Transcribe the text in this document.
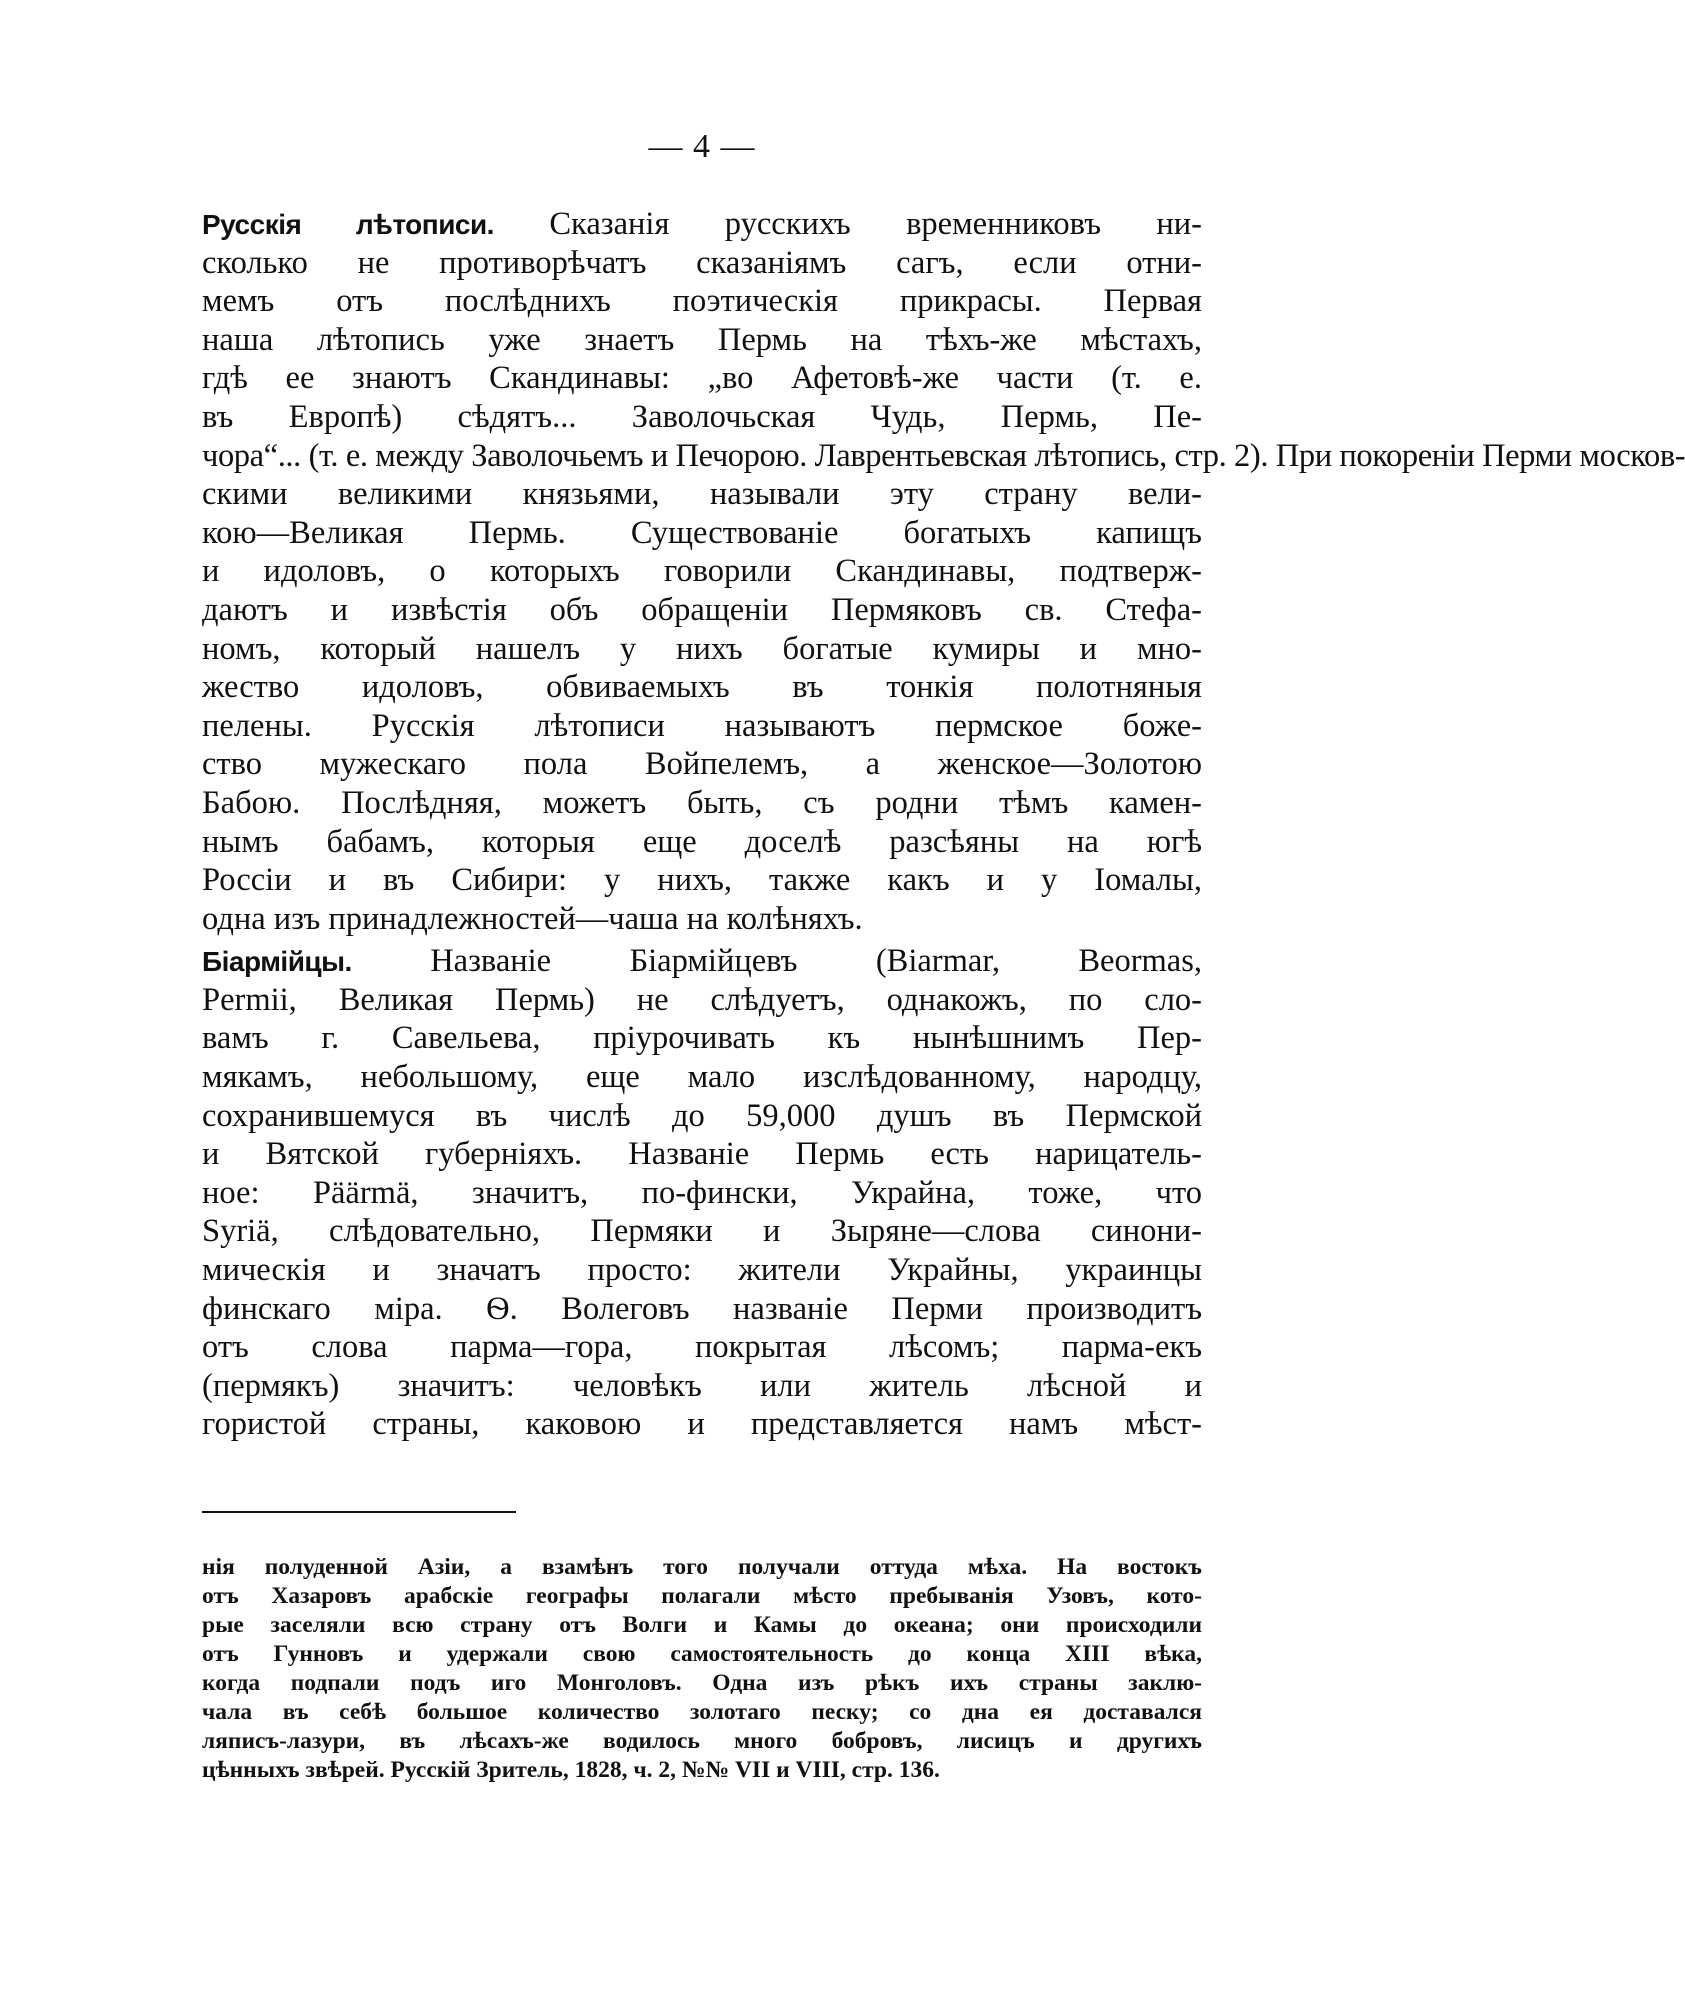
— 4 —
Русскія лѣтописи. Сказанія русскихъ временниковъ ни-
сколько не противорѣчатъ сказаніямъ сагъ, если отни-
мемъ отъ послѣднихъ поэтическія прикрасы. Первая
наша лѣтопись уже знаетъ Пермь на тѣхъ-же мѣстахъ,
гдѣ ее знаютъ Скандинавы: „во Афетовѣ-же части (т. е.
въ Европѣ) сѣдятъ... Заволочьская Чудь, Пермь, Пе-
чора“... (т. е. между Заволочьемъ и Печорою. Лаврентьевская лѣтопись, стр. 2). При покореніи Перми москов-
скими великими князьями, называли эту страну вели-
кою—Великая Пермь. Существованіе богатыхъ капищъ
и идоловъ, о которыхъ говорили Скандинавы, подтверж-
даютъ и извѣстія объ обращеніи Пермяковъ св. Стефа-
номъ, который нашелъ у нихъ богатые кумиры и мно-
жество идоловъ, обвиваемыхъ въ тонкія полотняныя
пелены. Русскія лѣтописи называютъ пермское боже-
ство мужескаго пола Войпелемъ, а женское—Золотою
Бабою. Послѣдняя, можетъ быть, съ родни тѣмъ камен-
нымъ бабамъ, которыя еще доселѣ разсѣяны на югѣ
Россіи и въ Сибири: у нихъ, также какъ и у Іомалы,
одна изъ принадлежностей—чаша на колѣняхъ.
Біармійцы. Названіе Біармійцевъ (Biarmar, Beormas,
Permii, Великая Пермь) не слѣдуетъ, однакожъ, по сло-
вамъ г. Савельева, пріурочивать къ нынѣшнимъ Пер-
мякамъ, небольшому, еще мало изслѣдованному, народцу,
сохранившемуся въ числѣ до 59,000 душъ въ Пермской
и Вятской губерніяхъ. Названіе Пермь есть нарицатель-
ное: Päärmä, значитъ, по-фински, Украйна, тоже, что
Syriä, слѣдовательно, Пермяки и Зыряне—слова синони-
мическія и значатъ просто: жители Украйны, украинцы
финскаго міра. Ѳ. Волеговъ названіе Перми производитъ
отъ слова парма—гора, покрытая лѣсомъ; парма-екъ
(пермякъ) значитъ: человѣкъ или житель лѣсной и
гористой страны, каковою и представляется намъ мѣст-
нія полуденной Азіи, а взамѣнъ того получали оттуда мѣха. На востокъ
отъ Хазаровъ арабскіе географы полагали мѣсто пребыванія Узовъ, кото-
рые заселяли всю страну отъ Волги и Камы до океана; они происходили
отъ Гунновъ и удержали свою самостоятельность до конца XIII вѣка,
когда подпали подъ иго Монголовъ. Одна изъ рѣкъ ихъ страны заклю-
чала въ себѣ большое количество золотаго песку; со дна ея доставался
ляписъ-лазури, въ лѣсахъ-же водилось много бобровъ, лисицъ и другихъ
цѣнныхъ звѣрей. Русскій Зритель, 1828, ч. 2, №№ VII и VIII, стр. 136.
